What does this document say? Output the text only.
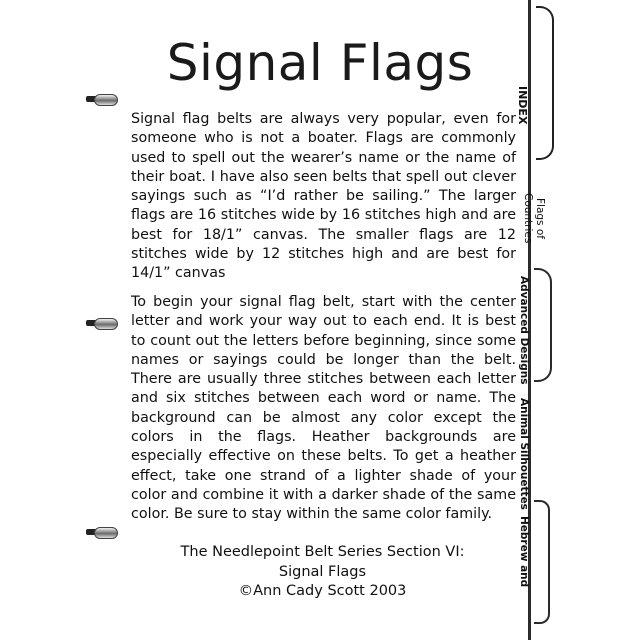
Signal Flags
Signal flag belts are always very popular, even for someone who is not a boater. Flags are commonly used to spell out the wearer’s name or the name of their boat. I have also seen belts that spell out clever sayings such as “I’d rather be sailing.” The larger flags are 16 stitches wide by 16 stitches high and are best for 18/1” canvas. The smaller flags are 12 stitches wide by 12 stitches high and are best for 14/1” canvas
To begin your signal flag belt, start with the center letter and work your way out to each end. It is best to count out the letters before beginning, since some names or sayings could be longer than the belt. There are usually three stitches between each letter and six stitches between each word or name. The background can be almost any color except the colors in the flags. Heather backgrounds are especially effective on these belts. To get a heather effect, take one strand of a lighter shade of your color and combine it with a darker shade of the same color. Be sure to stay within the same color family.
The Needlepoint Belt Series Section VI:
Signal Flags
©Ann Cady Scott 2003
INDEX
Flags of Countries
Advanced Designs
Animal Silhouettes
Hebrew and
